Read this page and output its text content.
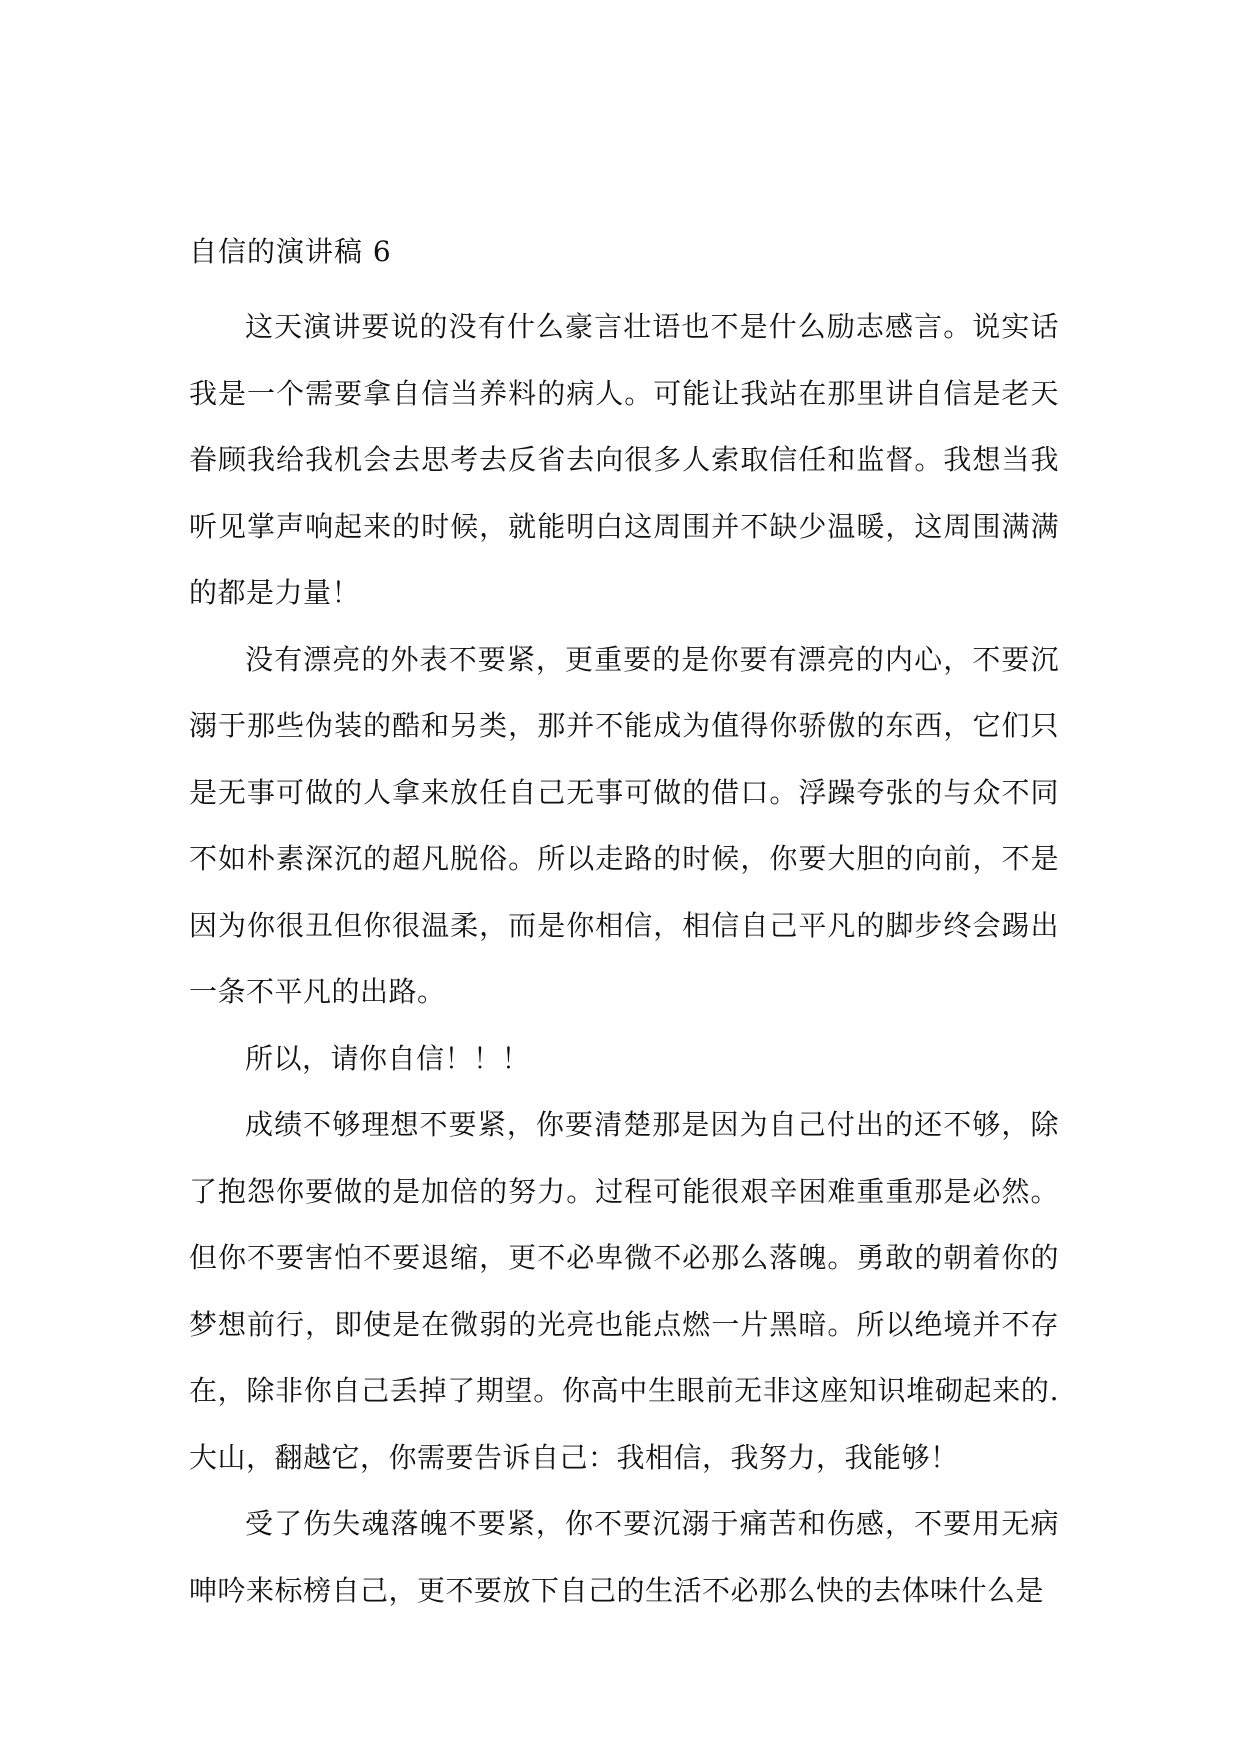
自信的演讲稿 6

这天演讲要说的没有什么豪言壮语也不是什么励志感言。说实话我是一个需要拿自信当养料的病人。可能让我站在那里讲自信是老天眷顾我给我机会去思考去反省去向很多人索取信任和监督。我想当我听见掌声响起来的时候，就能明白这周围并不缺少温暖，这周围满满的都是力量！

没有漂亮的外表不要紧，更重要的是你要有漂亮的内心，不要沉溺于那些伪装的酷和另类，那并不能成为值得你骄傲的东西，它们只是无事可做的人拿来放任自己无事可做的借口。浮躁夸张的与众不同不如朴素深沉的超凡脱俗。所以走路的时候，你要大胆的向前，不是因为你很丑但你很温柔，而是你相信，相信自己平凡的脚步终会踢出一条不平凡的出路。

所以，请你自信！！！

成绩不够理想不要紧，你要清楚那是因为自己付出的还不够，除了抱怨你要做的是加倍的努力。过程可能很艰辛困难重重那是必然。但你不要害怕不要退缩，更不必卑微不必那么落魄。勇敢的朝着你的梦想前行，即使是在微弱的光亮也能点燃一片黑暗。所以绝境并不存在，除非你自己丢掉了期望。你高中生眼前无非这座知识堆砌起来的.大山，翻越它，你需要告诉自己：我相信，我努力，我能够！

受了伤失魂落魄不要紧，你不要沉溺于痛苦和伤感，不要用无病呻吟来标榜自己，更不要放下自己的生活不必那么快的去体味什么是
